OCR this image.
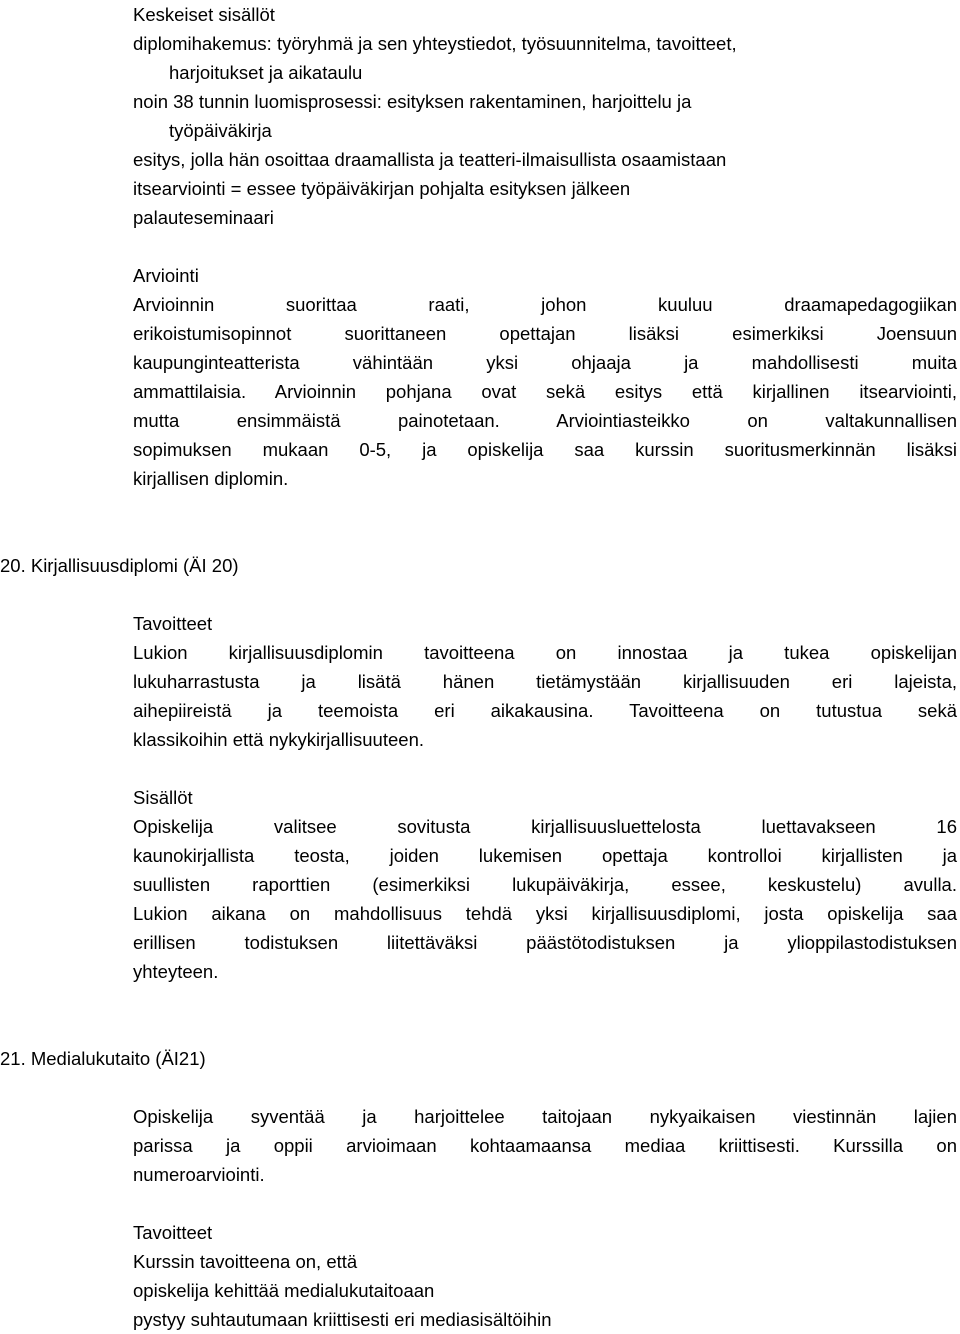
Keskeiset sisällöt
diplomihakemus: työryhmä ja sen yhteystiedot, työsuunnitelma, tavoitteet,
harjoitukset ja aikataulu
noin 38 tunnin luomisprosessi: esityksen rakentaminen, harjoittelu ja
työpäiväkirja
esitys, jolla hän osoittaa draamallista ja teatteri-ilmaisullista osaamistaan
itsearviointi = essee työpäiväkirjan pohjalta esityksen jälkeen
palauteseminaari
Arviointi
Arvioinnin suorittaa raati, johon kuuluu draamapedagogiikan
erikoistumisopinnot suorittaneen opettajan lisäksi esimerkiksi Joensuun
kaupunginteatterista vähintään yksi ohjaaja ja mahdollisesti muita
ammattilaisia. Arvioinnin pohjana ovat sekä esitys että kirjallinen itsearviointi,
mutta ensimmäistä painotetaan. Arviointiasteikko on valtakunnallisen
sopimuksen mukaan 0-5, ja opiskelija saa kurssin suoritusmerkinnän lisäksi
kirjallisen diplomin.
20. Kirjallisuusdiplomi (ÄI 20)
Tavoitteet
Lukion kirjallisuusdiplomin tavoitteena on innostaa ja tukea opiskelijan
lukuharrastusta ja lisätä hänen tietämystään kirjallisuuden eri lajeista,
aihepiireistä ja teemoista eri aikakausina. Tavoitteena on tutustua sekä
klassikoihin että nykykirjallisuuteen.
Sisällöt
Opiskelija valitsee sovitusta kirjallisuusluettelosta luettavakseen 16
kaunokirjallista teosta, joiden lukemisen opettaja kontrolloi kirjallisten ja
suullisten raporttien (esimerkiksi lukupäiväkirja, essee, keskustelu) avulla.
Lukion aikana on mahdollisuus tehdä yksi kirjallisuusdiplomi, josta opiskelija saa
erillisen todistuksen liitettäväksi päästötodistuksen ja ylioppilastodistuksen
yhteyteen.
21. Medialukutaito (ÄI21)
Opiskelija syventää ja harjoittelee taitojaan nykyaikaisen viestinnän lajien
parissa ja oppii arvioimaan kohtaamaansa mediaa kriittisesti. Kurssilla on
numeroarviointi.
Tavoitteet
Kurssin tavoitteena on, että
opiskelija kehittää medialukutaitoaan
pystyy suhtautumaan kriittisesti eri mediasisältöihin
